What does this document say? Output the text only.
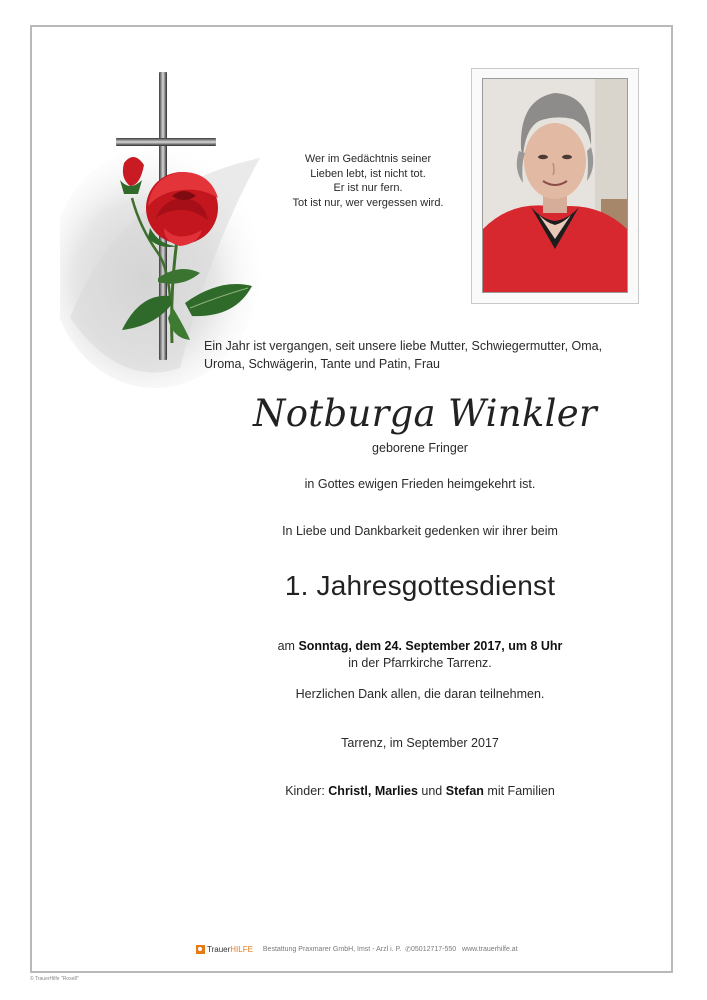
Wer im Gedächtnis seiner
Lieben lebt, ist nicht tot.
Er ist nur fern.
Tot ist nur, wer vergessen wird.

Ein Jahr ist vergangen, seit unsere liebe Mutter, Schwiegermutter, Oma,

Uroma, Schwägerin, Tante und Patin, Frau

Notburga Winkler
geborene Fringer
in Gottes ewigen Frieden heimgekehrt ist.
In Liebe und Dankbarkeit gedenken wir ihrer beim
1. Jahresgottesdienst
am Sonntag, dem 24. September 2017, um 8 Uhr
in der Pfarrkirche Tarrenz.
Herzlichen Dank allen, die daran teilnehmen.
Tarrenz, im September 2017
Kinder: Christl, Marlies und Stefan mit Familien
TrauerHILFE Bestattung Praxmarer GmbH, Imst - Arzl i. P. ✆05012717-550 www.trauerhilfe.at
© TrauerHilfe "Rose8"
